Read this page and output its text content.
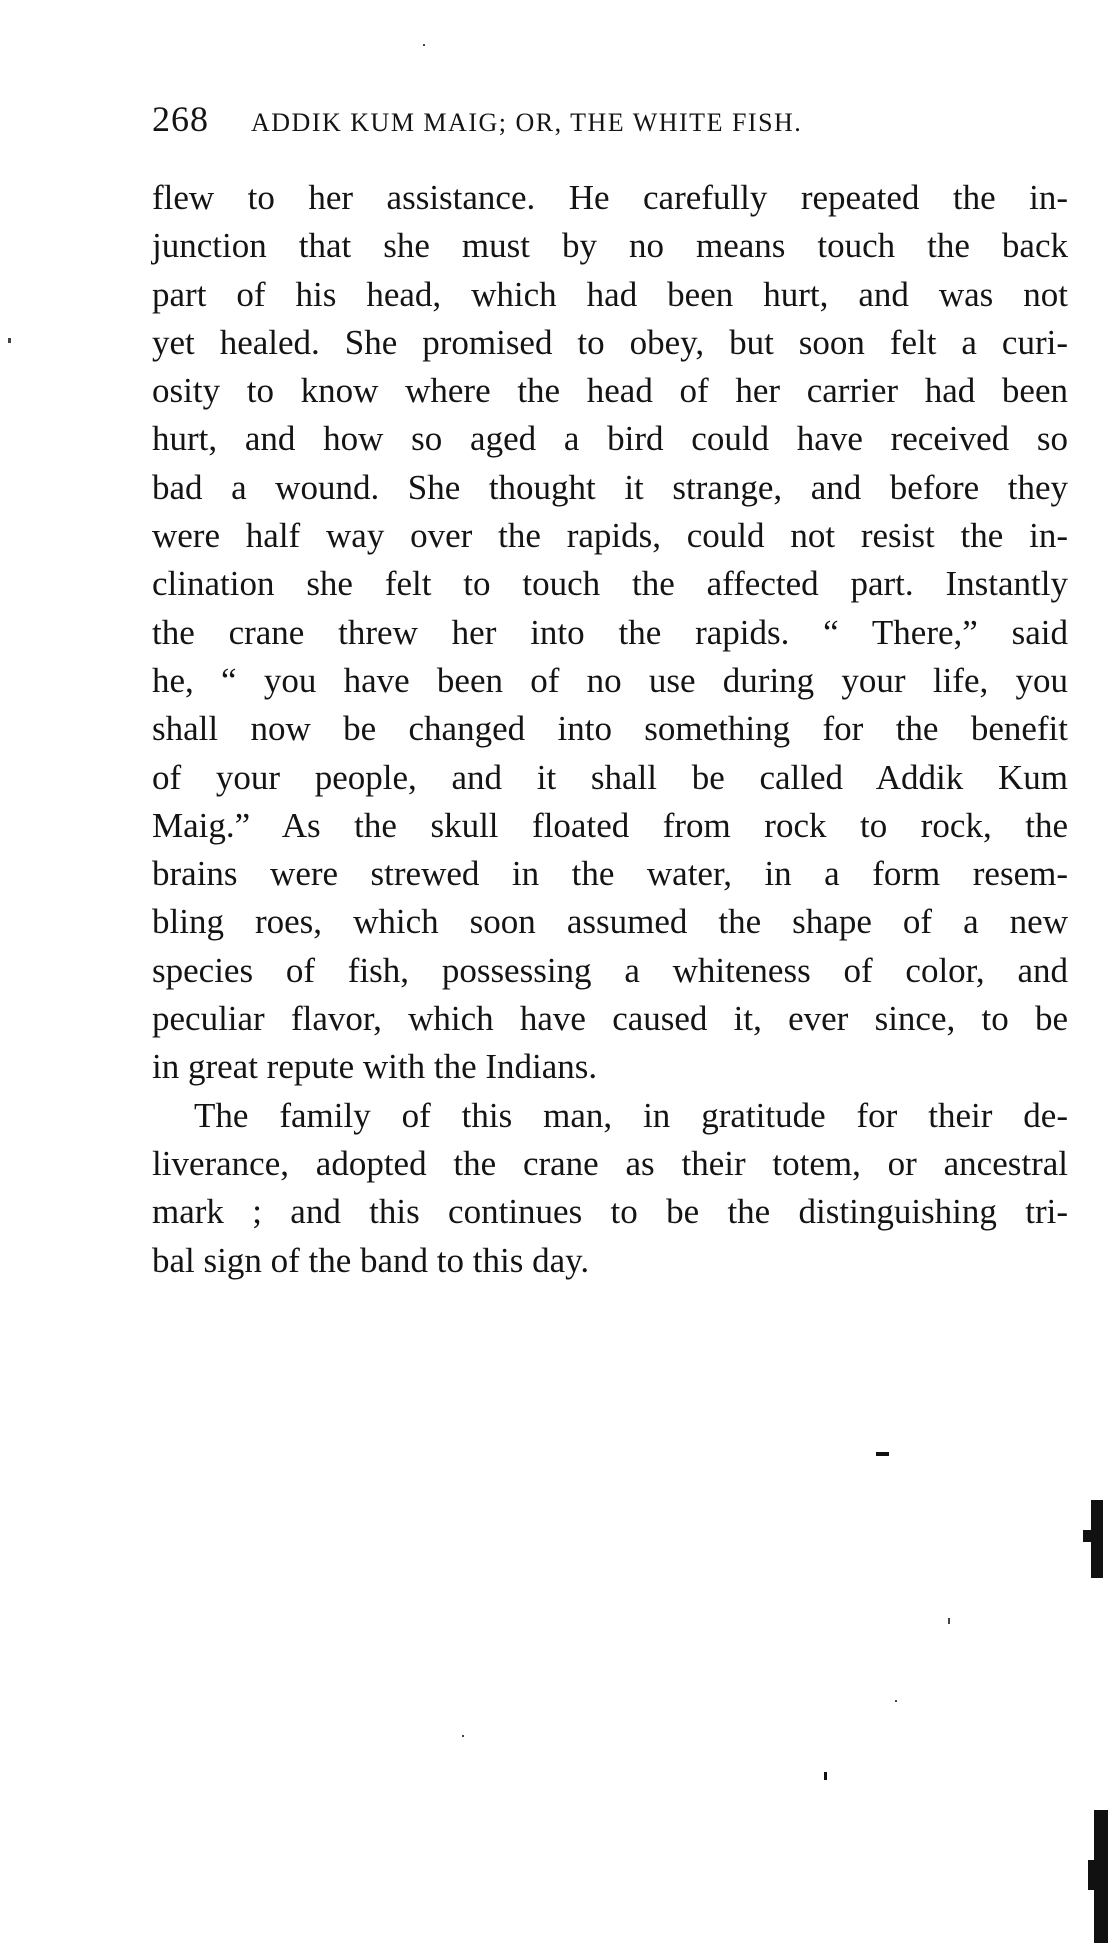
268 ADDIK KUM MAIG; OR, THE WHITE FISH.
flew to her assistance. He carefully repeated the in-
junction that she must by no means touch the back
part of his head, which had been hurt, and was not
yet healed. She promised to obey, but soon felt a curi-
osity to know where the head of her carrier had been
hurt, and how so aged a bird could have received so
bad a wound. She thought it strange, and before they
were half way over the rapids, could not resist the in-
clination she felt to touch the affected part. Instantly
the crane threw her into the rapids. “ There,” said
he, “ you have been of no use during your life, you
shall now be changed into something for the benefit
of your people, and it shall be called Addik Kum
Maig.” As the skull floated from rock to rock, the
brains were strewed in the water, in a form resem-
bling roes, which soon assumed the shape of a new
species of fish, possessing a whiteness of color, and
peculiar flavor, which have caused it, ever since, to be
in great repute with the Indians.
The family of this man, in gratitude for their de-
liverance, adopted the crane as their totem, or ancestral
mark ; and this continues to be the distinguishing tri-
bal sign of the band to this day.
